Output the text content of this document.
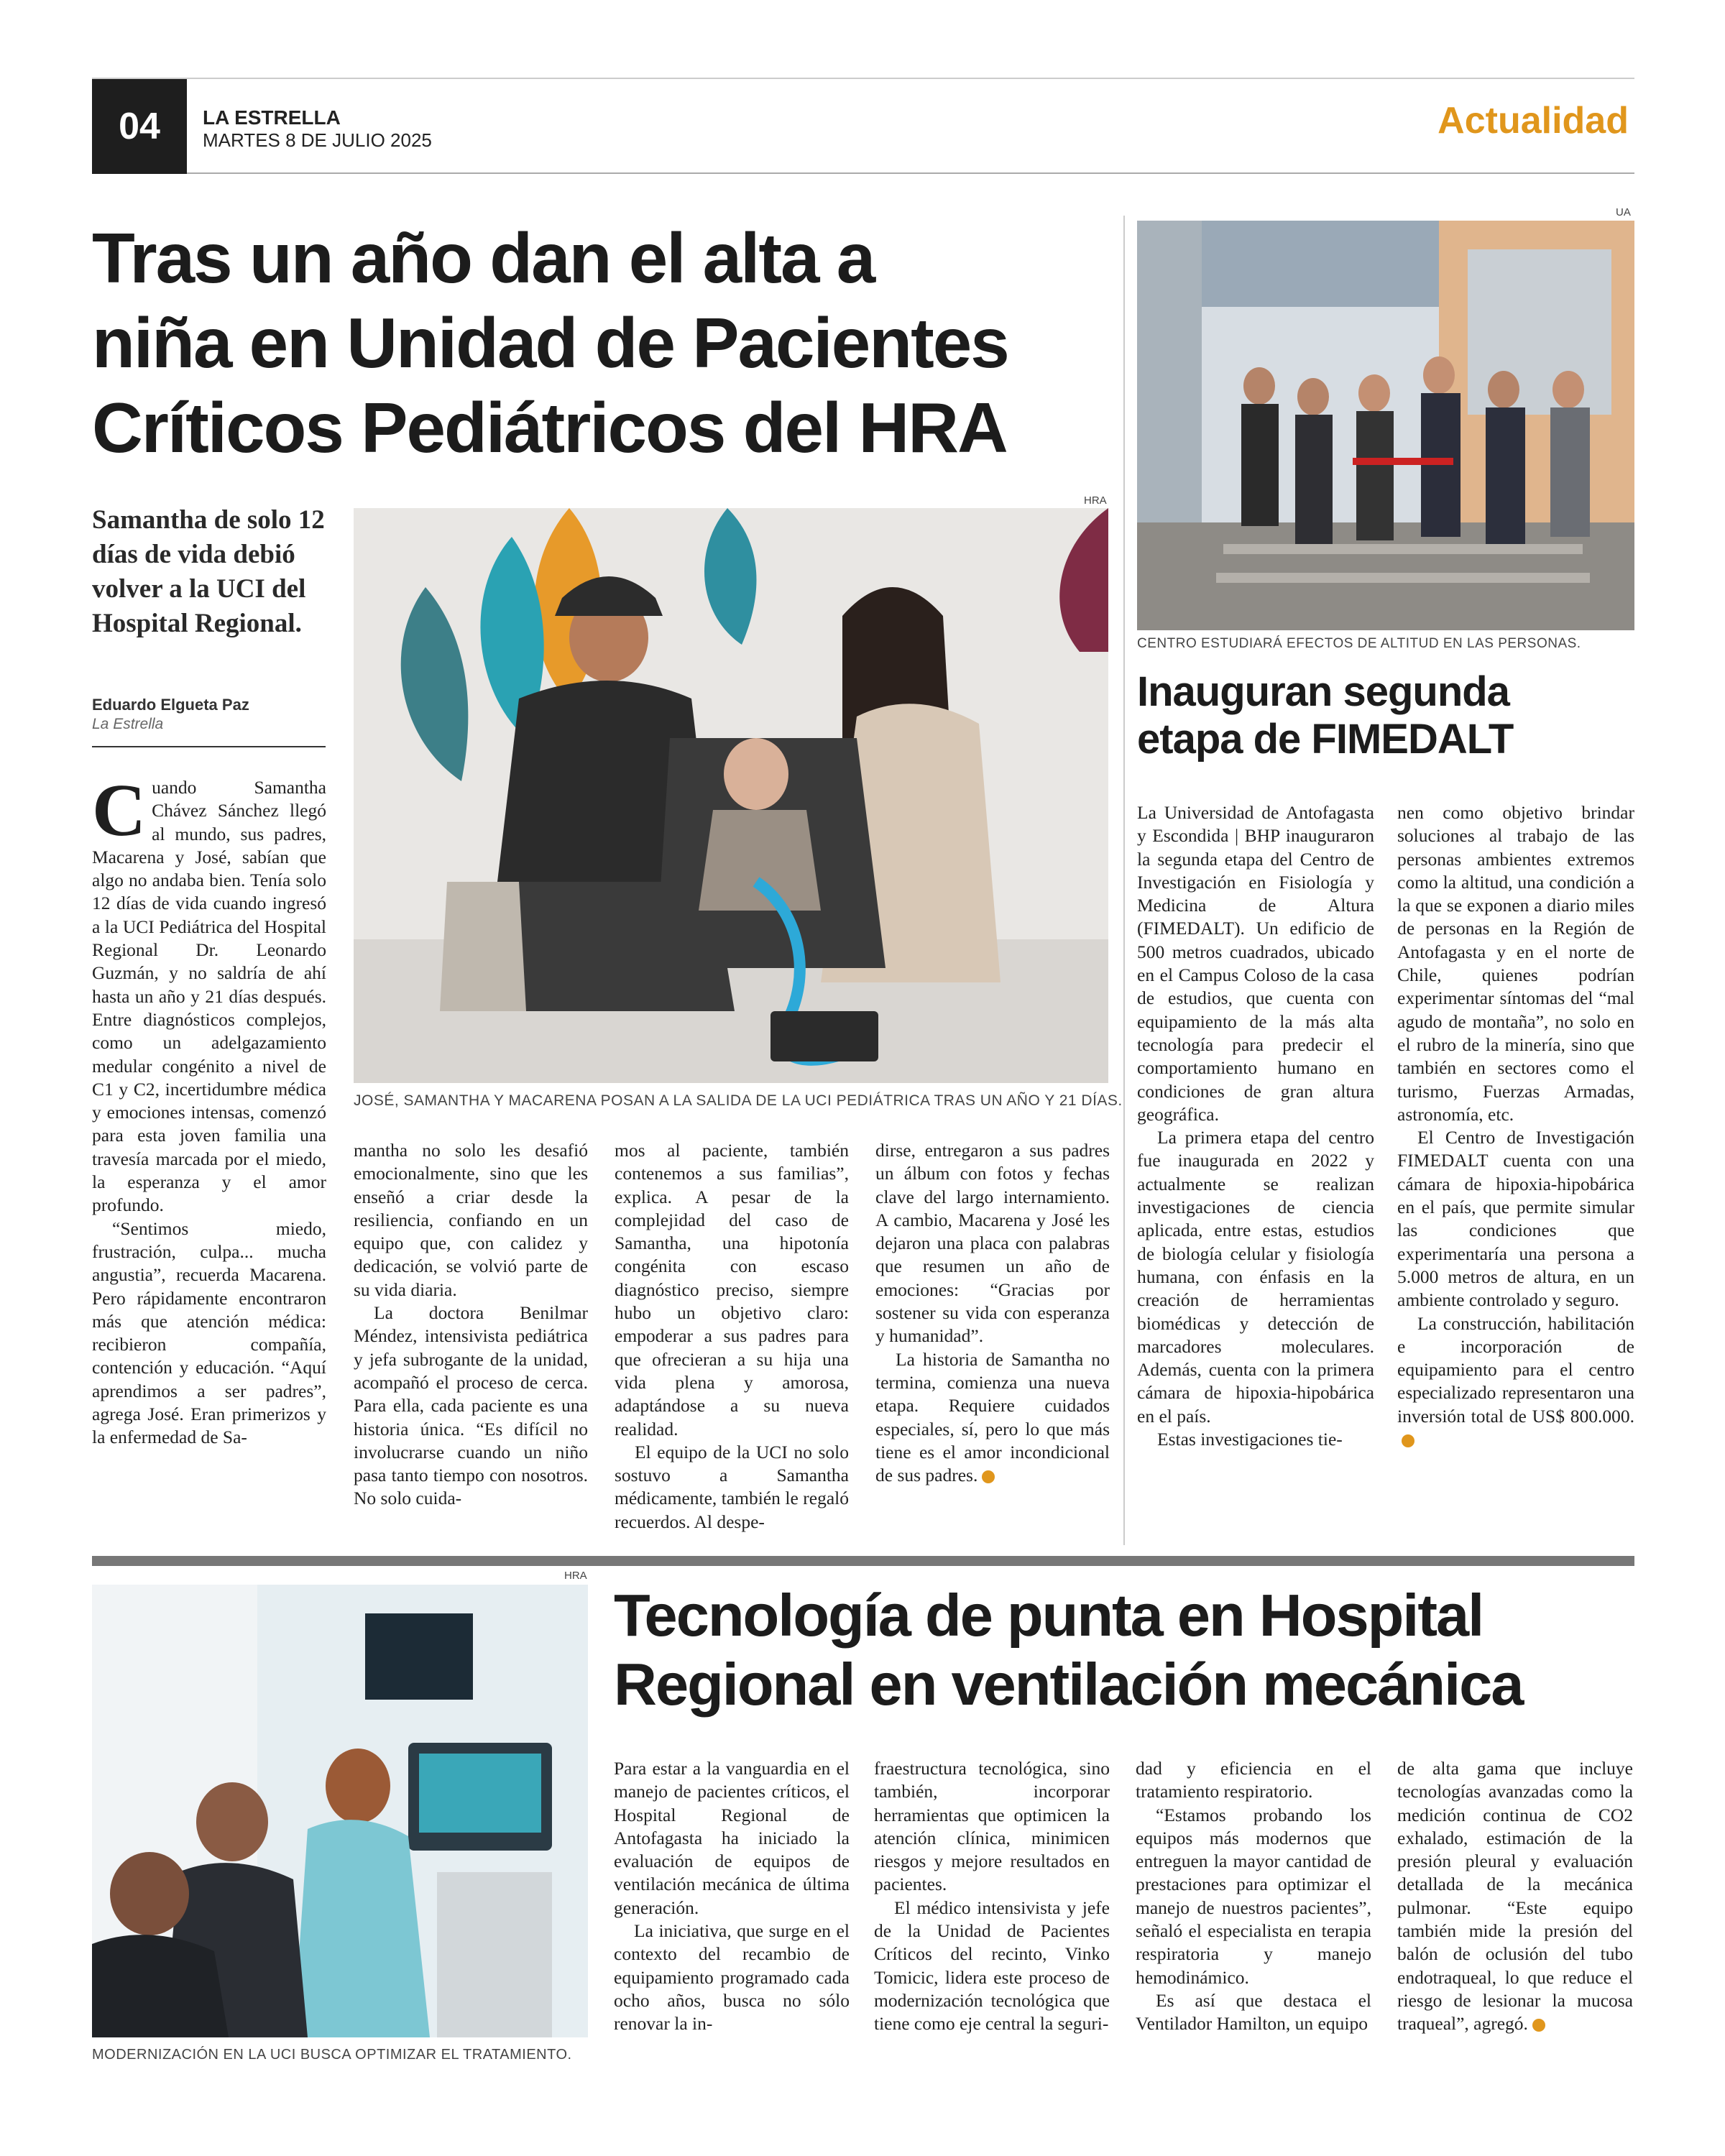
04	LA ESTRELLA
MARTES 8 DE JULIO 2025	Actualidad
Tras un año dan el alta a
niña en Unidad de Pacientes
Críticos Pediátricos del HRA
Samantha de solo 12 días de vida debió volver a la UCI del Hospital Regional.
Eduardo Elgueta Paz
La Estrella
HRA
JOSÉ, SAMANTHA Y MACARENA POSAN A LA SALIDA DE LA UCI PEDIÁTRICA TRAS UN AÑO Y 21 DÍAS.

Cuando Samantha Chávez Sánchez llegó al mundo, sus padres, Macarena y José, sabían que algo no andaba bien. Tenía solo 12 días de vida cuando ingresó a la UCI Pediátrica del Hospital Regional Dr. Leonardo Guzmán, y no saldría de ahí hasta un año y 21 días después. Entre diagnósticos complejos, como un adelgazamiento medular congénito a nivel de C1 y C2, incertidumbre médica y emociones intensas, comenzó para esta joven familia una travesía marcada por el miedo, la esperanza y el amor profundo.

“Sentimos miedo, frustración, culpa... mucha angustia”, recuerda Macarena. Pero rápidamente encontraron más que atención médica: recibieron compañía, contención y educación. “Aquí aprendimos a ser padres”, agrega José. Eran primerizos y la enfermedad de Sa-

mantha no solo les desafió emocionalmente, sino que les enseñó a criar desde la resiliencia, confiando en un equipo que, con calidez y dedicación, se volvió parte de su vida diaria.

La doctora Benilmar Méndez, intensivista pediátrica y jefa subrogante de la unidad, acompañó el proceso de cerca. Para ella, cada paciente es una historia única. “Es difícil no involucrarse cuando un niño pasa tanto tiempo con nosotros. No solo cuida-

mos al paciente, también contenemos a sus familias”, explica. A pesar de la complejidad del caso de Samantha, una hipotonía congénita con escaso diagnóstico preciso, siempre hubo un objetivo claro: empoderar a sus padres para que ofrecieran a su hija una vida plena y amorosa, adaptándose a su nueva realidad.

El equipo de la UCI no solo sostuvo a Samantha médicamente, también le regaló recuerdos. Al despe-

dirse, entregaron a sus padres un álbum con fotos y fechas clave del largo internamiento. A cambio, Macarena y José les dejaron una placa con palabras que resumen un año de emociones: “Gracias por sostener su vida con esperanza y humanidad”.

La historia de Samantha no termina, comienza una nueva etapa. Requiere cuidados especiales, sí, pero lo que más tiene es el amor incondicional de sus padres.

UA
CENTRO ESTUDIARÁ EFECTOS DE ALTITUD EN LAS PERSONAS.
Inauguran segunda
etapa de FIMEDALT

La Universidad de Antofagasta y Escondida | BHP inauguraron la segunda etapa del Centro de Investigación en Fisiología y Medicina de Altura (FIMEDALT). Un edificio de 500 metros cuadrados, ubicado en el Campus Coloso de la casa de estudios, que cuenta con equipamiento de la más alta tecnología para predecir el comportamiento humano en condiciones de gran altura geográfica.

La primera etapa del centro fue inaugurada en 2022 y actualmente se realizan investigaciones de ciencia aplicada, entre estas, estudios de biología celular y fisiología humana, con énfasis en la creación de herramientas biomédicas y detección de marcadores moleculares. Además, cuenta con la primera cámara de hipoxia-hipobárica en el país.

Estas investigaciones tie-

nen como objetivo brindar soluciones al trabajo de las personas ambientes extremos como la altitud, una condición a la que se exponen a diario miles de personas en la Región de Antofagasta y en el norte de Chile, quienes podrían experimentar síntomas del “mal agudo de montaña”, no solo en el rubro de la minería, sino que también en sectores como el turismo, Fuerzas Armadas, astronomía, etc.

El Centro de Investigación FIMEDALT cuenta con una cámara de hipoxia-hipobárica en el país, que permite simular las condiciones que experimentaría una persona a 5.000 metros de altura, en un ambiente controlado y seguro.

La construcción, habilitación e incorporación de equipamiento para el centro especializado representaron una inversión total de US$ 800.000.

HRA
MODERNIZACIÓN EN LA UCI BUSCA OPTIMIZAR EL TRATAMIENTO.
Tecnología de punta en Hospital
Regional en ventilación mecánica

Para estar a la vanguardia en el manejo de pacientes críticos, el Hospital Regional de Antofagasta ha iniciado la evaluación de equipos de ventilación mecánica de última generación.

La iniciativa, que surge en el contexto del recambio de equipamiento programado cada ocho años, busca no sólo renovar la in-

fraestructura tecnológica, sino también, incorporar herramientas que optimicen la atención clínica, minimicen riesgos y mejore resultados en pacientes.

El médico intensivista y jefe de la Unidad de Pacientes Críticos del recinto, Vinko Tomicic, lidera este proceso de modernización tecnológica que tiene como eje central la seguri-

dad y eficiencia en el tratamiento respiratorio.

“Estamos probando los equipos más modernos que entreguen la mayor cantidad de prestaciones para optimizar el manejo de nuestros pacientes”, señaló el especialista en terapia respiratoria y manejo hemodinámico.

Es así que destaca el Ventilador Hamilton, un equipo

de alta gama que incluye tecnologías avanzadas como la medición continua de CO2 exhalado, estimación de la presión pleural y evaluación detallada de la mecánica pulmonar. “Este equipo también mide la presión del balón de oclusión del tubo endotraqueal, lo que reduce el riesgo de lesionar la mucosa traqueal”, agregó.
